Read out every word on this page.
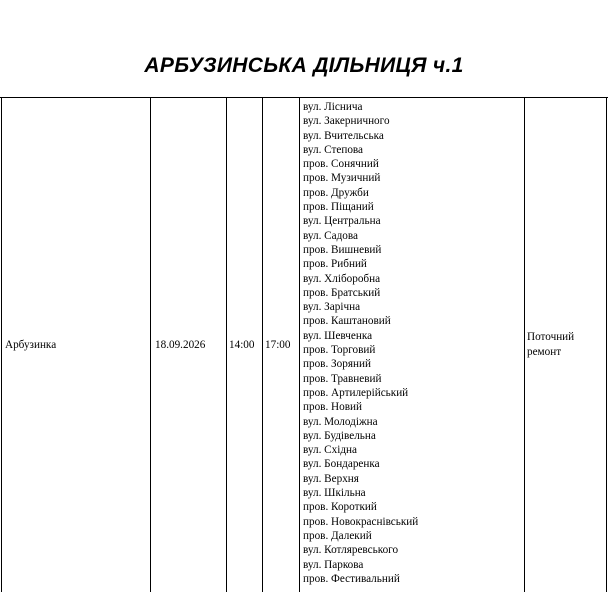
АРБУЗИНСЬКА ДІЛЬНИЦЯ ч.1
Арбузинка	18.09.2026 14:00 17:00
вул. Лісничa
вул. Закерничного
вул. Вчительська
вул. Степова
пров. Сонячний
пров. Музичний
пров. Дружби
пров. Піщаний
вул. Центральна
вул. Садова
пров. Вишневий
пров. Рибний
вул. Хліборобна
пров. Братський
вул. Зарічна
пров. Каштановий
вул. Шевченка
пров. Торговий
пров. Зоряний
пров. Травневий
пров. Артилерійський
пров. Новий
вул. Молодіжна
вул. Будівельна
вул. Східна
вул. Бондаренка
вул. Верхня
вул. Шкільна
пров. Короткий
пров. Новокраснівський
пров. Далекий
вул. Котляревського
вул. Паркова
пров. Фестивальний
Поточний
ремонт
